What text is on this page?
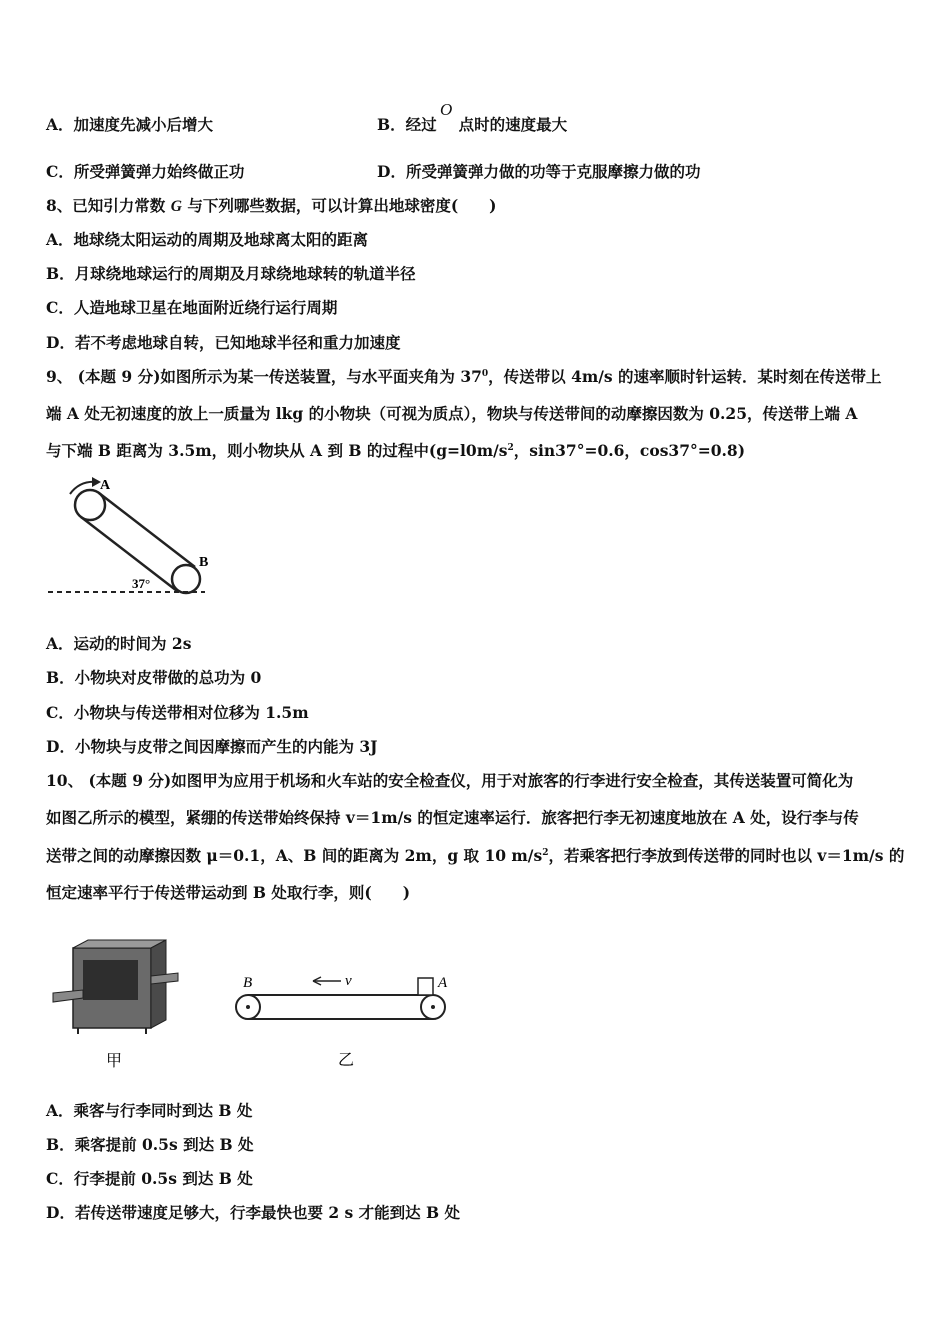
A．加速度先减小后增大	B．经过 点时的速度最大
O
C．所受弹簧弹力始终做正功	D．所受弹簧弹力做的功等于克服摩擦力做的功
8、已知引力常数 G 与下列哪些数据，可以计算出地球密度(　　)
A．地球绕太阳运动的周期及地球离太阳的距离
B．月球绕地球运行的周期及月球绕地球转的轨道半径
C．人造地球卫星在地面附近绕行运行周期
D．若不考虑地球自转，已知地球半径和重力加速度
9、 (本题 9 分)如图所示为某一传送装置，与水平面夹角为 $37^0$，传送带以 4m/s 的速率顺时针运转．某时刻在传送带上
端 A 处无初速度的放上一质量为 lkg 的小物块（可视为质点），物块与传送带间的动摩擦因数为 0.25，传送带上端 A
与下端 B 距离为 3.5m，则小物块从 A 到 B 的过程中($g=l0m/s^2$，sin37°=0.6，cos37°=0.8)
A
B
37°
A．运动的时间为 2s
B．小物块对皮带做的总功为 0
C．小物块与传送带相对位移为 1.5m
D．小物块与皮带之间因摩擦而产生的内能为 3J
10、 (本题 9 分)如图甲为应用于机场和火车站的安全检查仪，用于对旅客的行李进行安全检查，其传送装置可简化为
如图乙所示的模型，紧绷的传送带始终保持 v＝1m/s 的恒定速率运行．旅客把行李无初速度地放在 A 处，设行李与传
送带之间的动摩擦因数 μ＝0.1，A、B 间的距离为 2m，g 取 10 $m/s^2$，若乘客把行李放到传送带的同时也以 v＝1m/s 的
恒定速率平行于传送带运动到 B 处取行李，则(　　)
甲
B	A
v
乙
A．乘客与行李同时到达 B 处
B．乘客提前 0.5s 到达 B 处
C．行李提前 0.5s 到达 B 处
D．若传送带速度足够大，行李最快也要 2 s 才能到达 B 处
